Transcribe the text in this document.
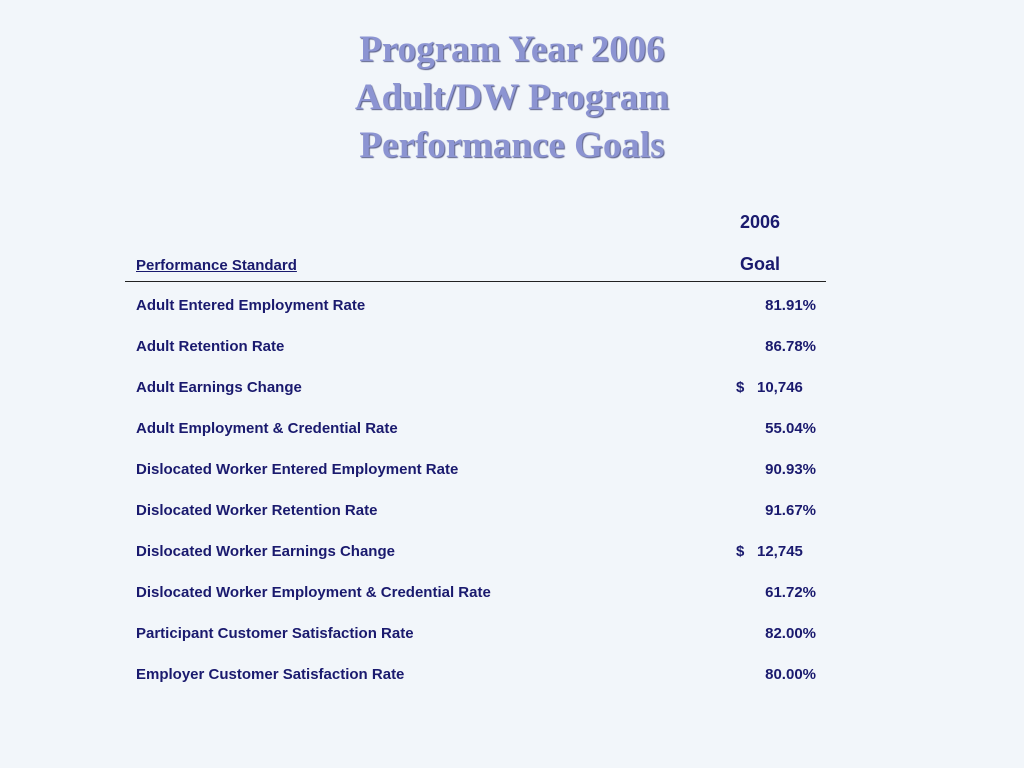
Program Year 2006
Adult/DW Program
Performance Goals
2006
Goal
Performance Standard
Adult Entered Employment Rate	81.91%
Adult Retention Rate	86.78%
Adult Earnings Change	$ 10,746
Adult Employment & Credential Rate	55.04%
Dislocated Worker Entered Employment Rate	90.93%
Dislocated Worker Retention Rate	91.67%
Dislocated Worker Earnings Change	$ 12,745
Dislocated Worker Employment & Credential Rate	61.72%
Participant Customer Satisfaction Rate	82.00%
Employer Customer Satisfaction Rate	80.00%
